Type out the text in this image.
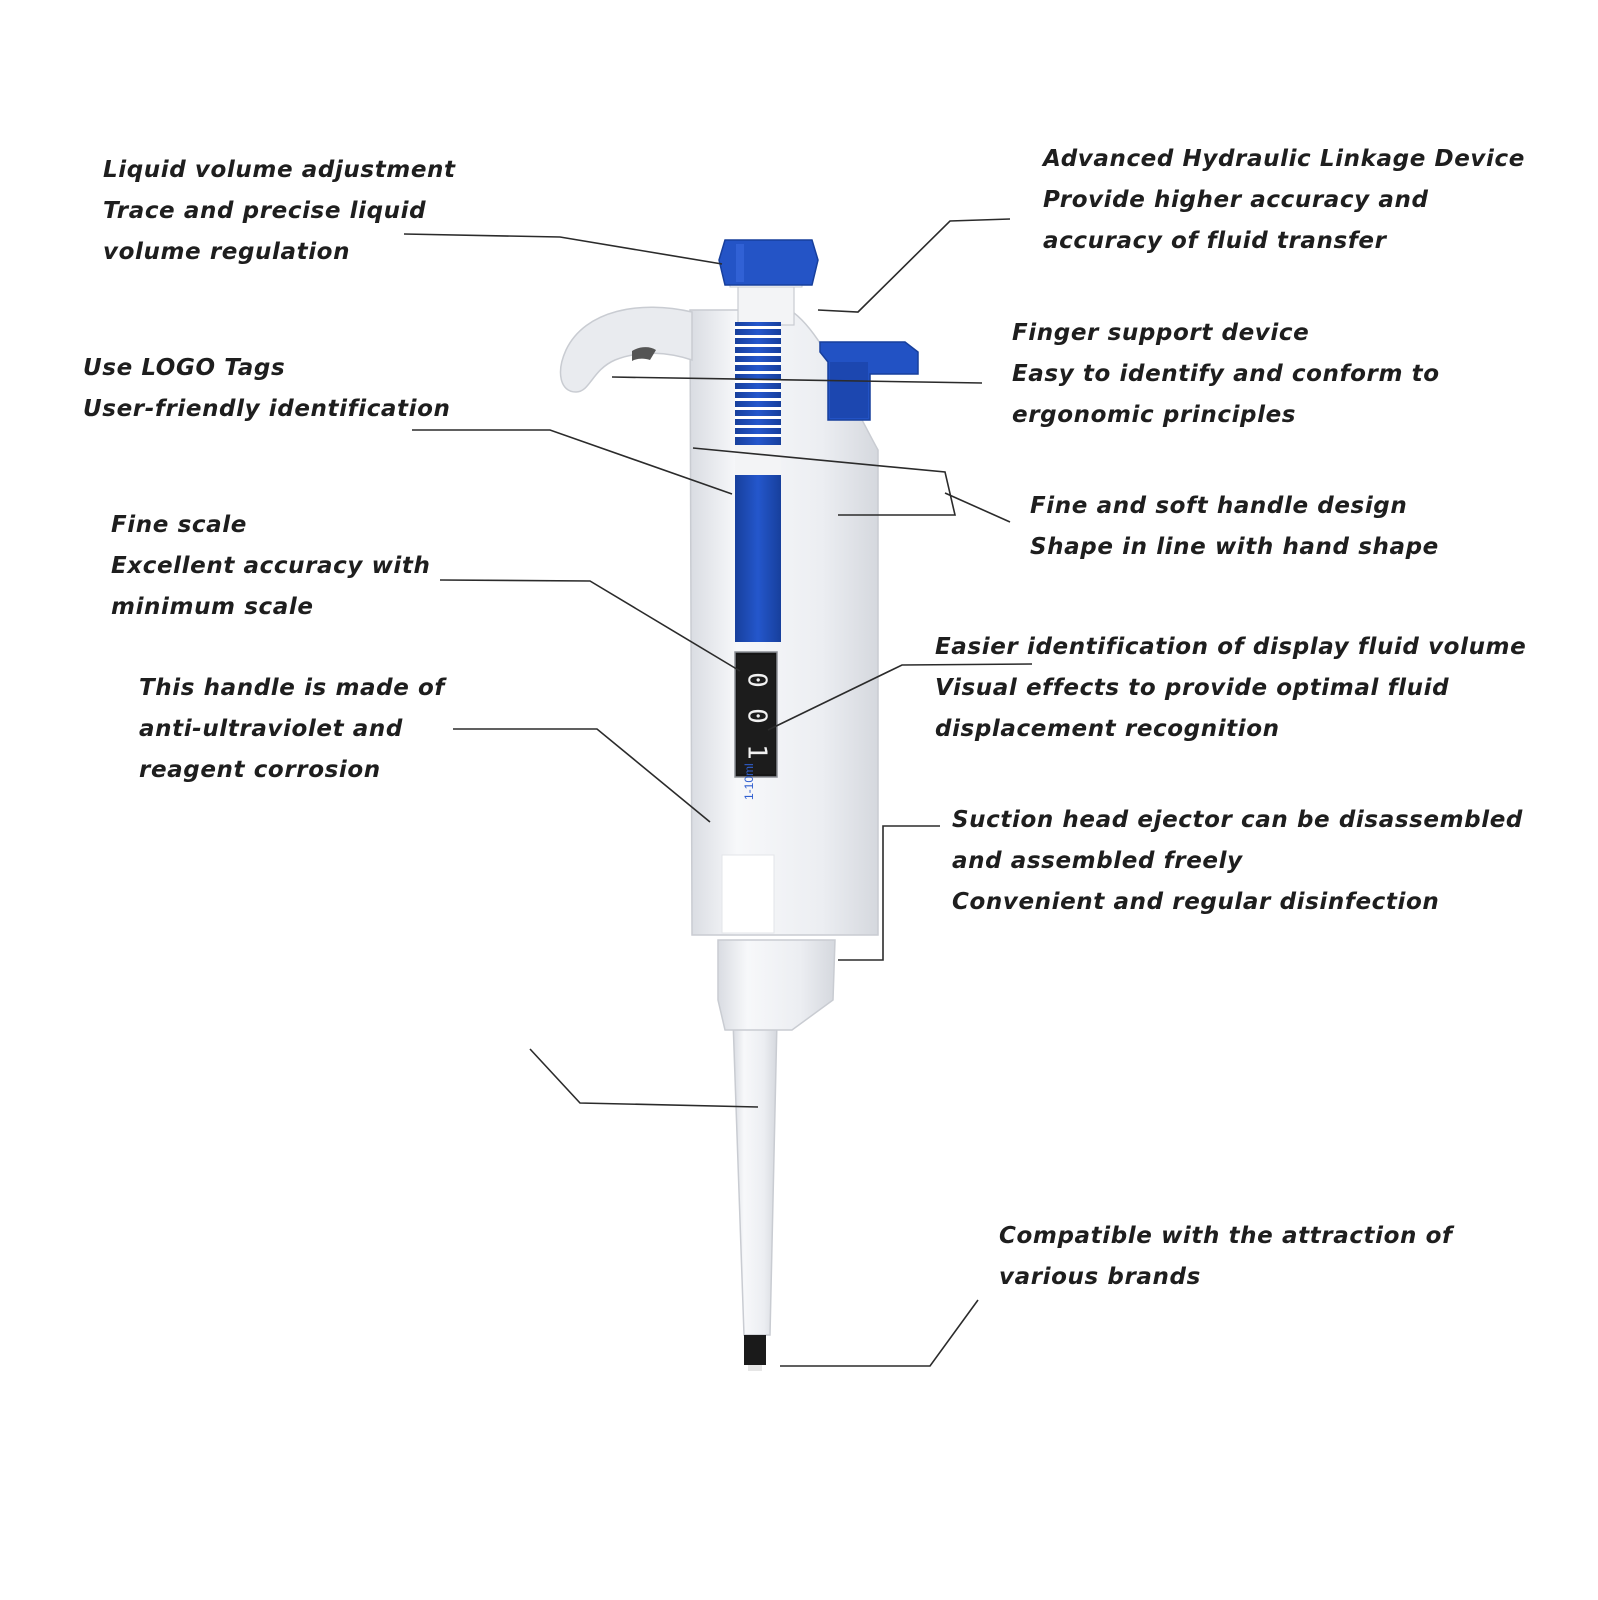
0
0
1
Liquid volume adjustment
Trace and precise liquid
volume regulation
Advanced Hydraulic Linkage Device
Provide higher accuracy and
accuracy of fluid transfer
Use LOGO Tags
User-friendly identification
Finger support device
Easy to identify and conform to
ergonomic principles
Fine and soft handle design
Shape in line with hand shape
Fine scale
Excellent accuracy with
minimum scale
Easier identification of display fluid volume
Visual effects to provide optimal fluid
displacement recognition
This handle is made of
anti-ultraviolet and
reagent corrosion
Suction head ejector can be disassembled
and assembled freely
Convenient and regular disinfection
Compatible with the attraction of
various brands
1-10ml
